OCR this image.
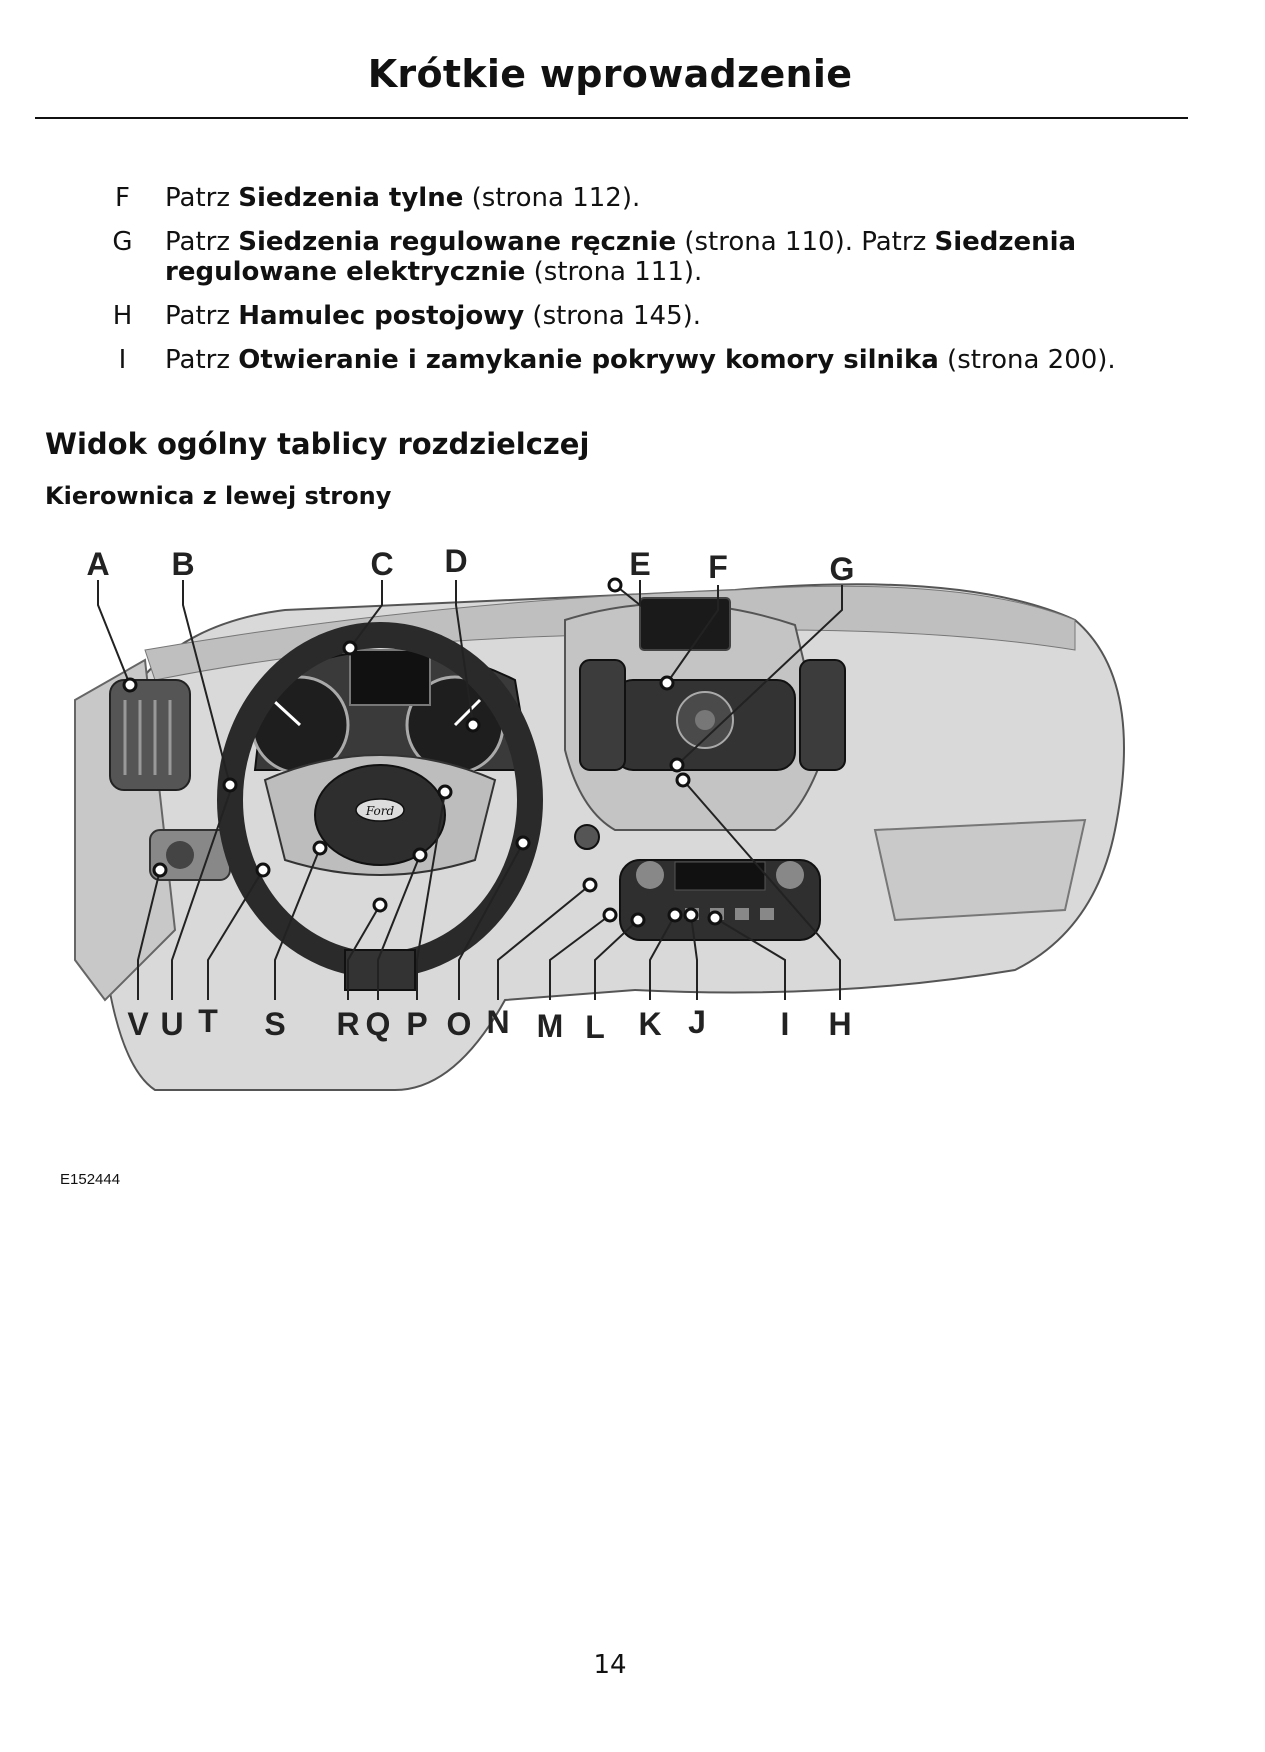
Krótkie wprowadzenie
F	Patrz Siedzenia tylne (strona 112).
G	Patrz Siedzenia regulowane ręcznie (strona 110). Patrz Siedzenia regulowane elektrycznie (strona 111).
H	Patrz Hamulec postojowy (strona 145).
I	Patrz Otwieranie i zamykanie pokrywy komory silnika (strona 200).
Widok ogólny tablicy rozdzielczej
Kierownica z lewej strony
Ford
A B	C D	E F	G
V U T S R Q P O N M L K J I H
E152444
14
